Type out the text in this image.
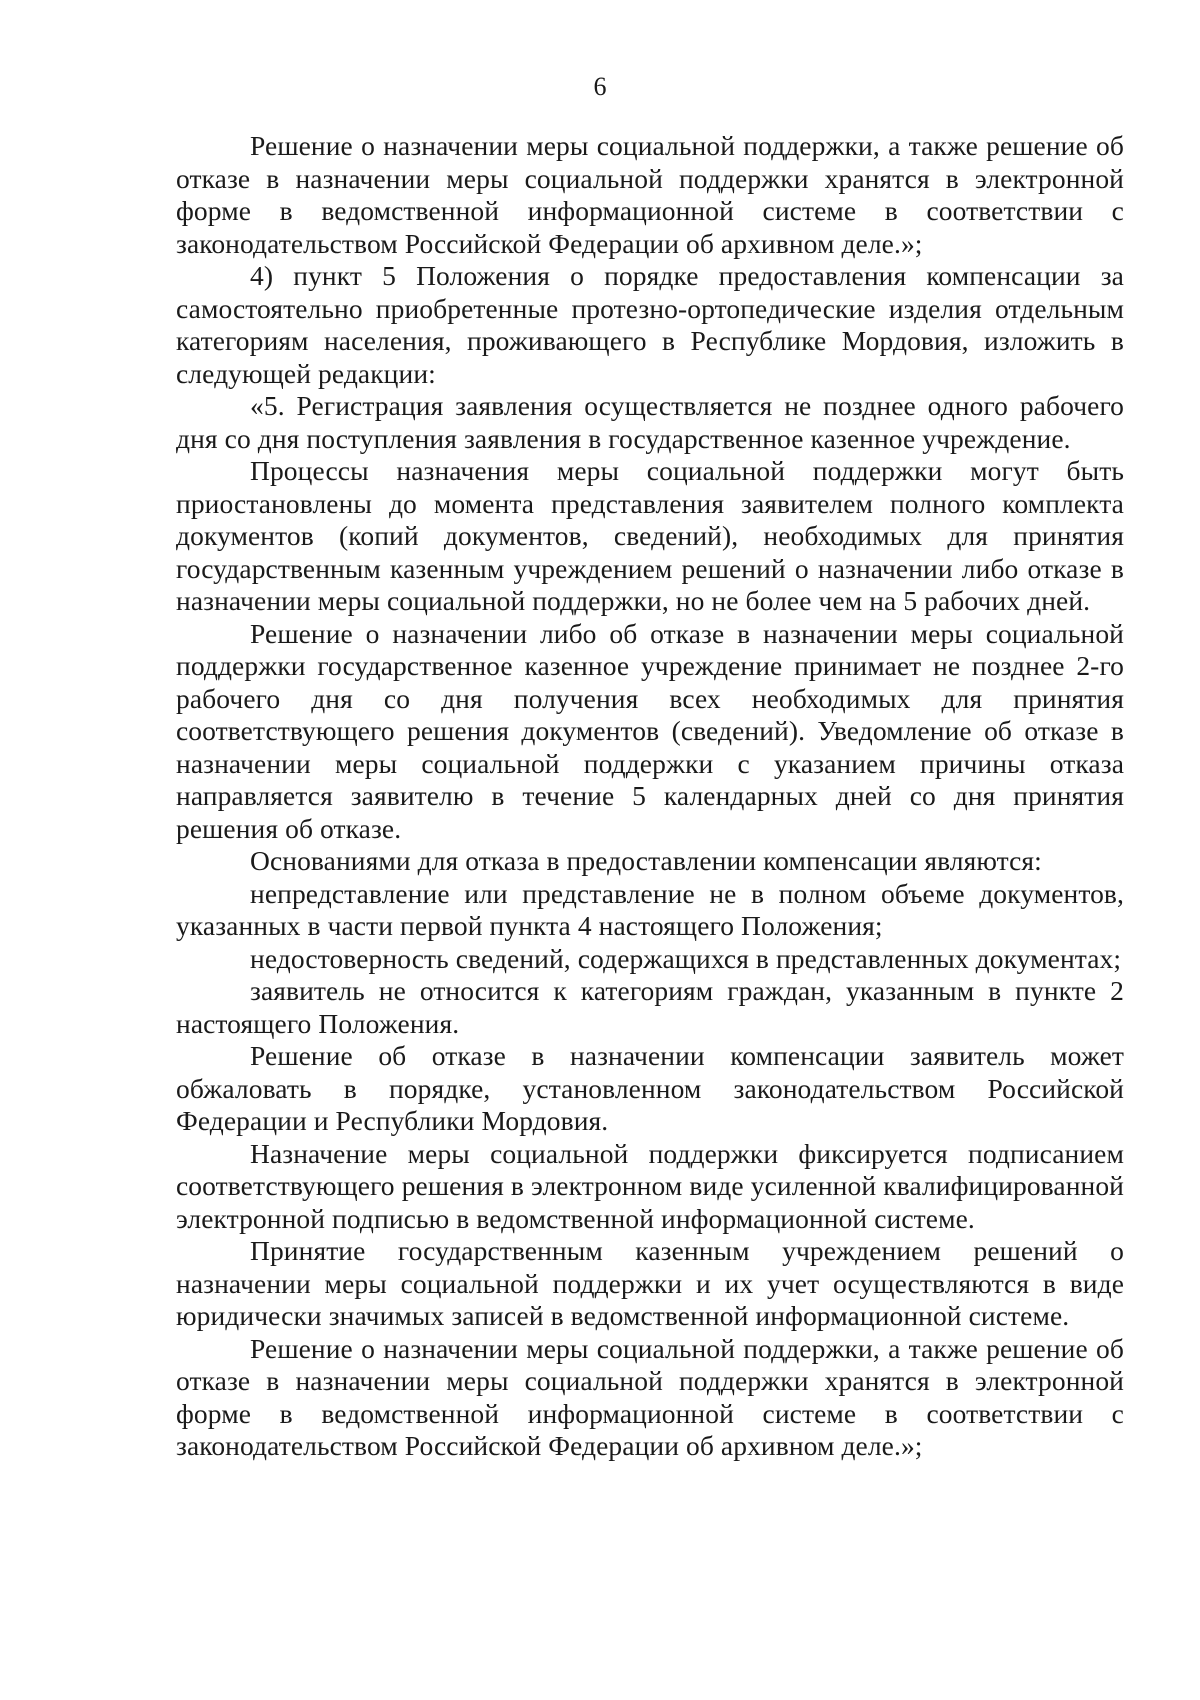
6

Решение о назначении меры социальной поддержки, а также решение об отказе в назначении меры социальной поддержки хранятся в электронной форме в ведомственной информационной системе в соответствии с законодательством Российской Федерации об архивном деле.»;

4) пункт 5 Положения о порядке предоставления компенсации за самостоятельно приобретенные протезно-ортопедические изделия отдельным категориям населения, проживающего в Республике Мордовия, изложить в следующей редакции:

«5. Регистрация заявления осуществляется не позднее одного рабочего дня со дня поступления заявления в государственное казенное учреждение.

Процессы назначения меры социальной поддержки могут быть приостановлены до момента представления заявителем полного комплекта документов (копий документов, сведений), необходимых для принятия государственным казенным учреждением решений о назначении либо отказе в назначении меры социальной поддержки, но не более чем на 5 рабочих дней.

Решение о назначении либо об отказе в назначении меры социальной поддержки государственное казенное учреждение принимает не позднее 2-го рабочего дня со дня получения всех необходимых для принятия соответствующего решения документов (сведений). Уведомление об отказе в назначении меры социальной поддержки с указанием причины отказа направляется заявителю в течение 5 календарных дней со дня принятия решения об отказе.

Основаниями для отказа в предоставлении компенсации являются:

непредставление или представление не в полном объеме документов, указанных в части первой пункта 4 настоящего Положения;

недостоверность сведений, содержащихся в представленных документах;

заявитель не относится к категориям граждан, указанным в пункте 2 настоящего Положения.

Решение об отказе в назначении компенсации заявитель может обжаловать в порядке, установленном законодательством Российской Федерации и Республики Мордовия.

Назначение меры социальной поддержки фиксируется подписанием соответствующего решения в электронном виде усиленной квалифицированной электронной подписью в ведомственной информационной системе.

Принятие государственным казенным учреждением решений о назначении меры социальной поддержки и их учет осуществляются в виде юридически значимых записей в ведомственной информационной системе.

Решение о назначении меры социальной поддержки, а также решение об отказе в назначении меры социальной поддержки хранятся в электронной форме в ведомственной информационной системе в соответствии с законодательством Российской Федерации об архивном деле.»;
